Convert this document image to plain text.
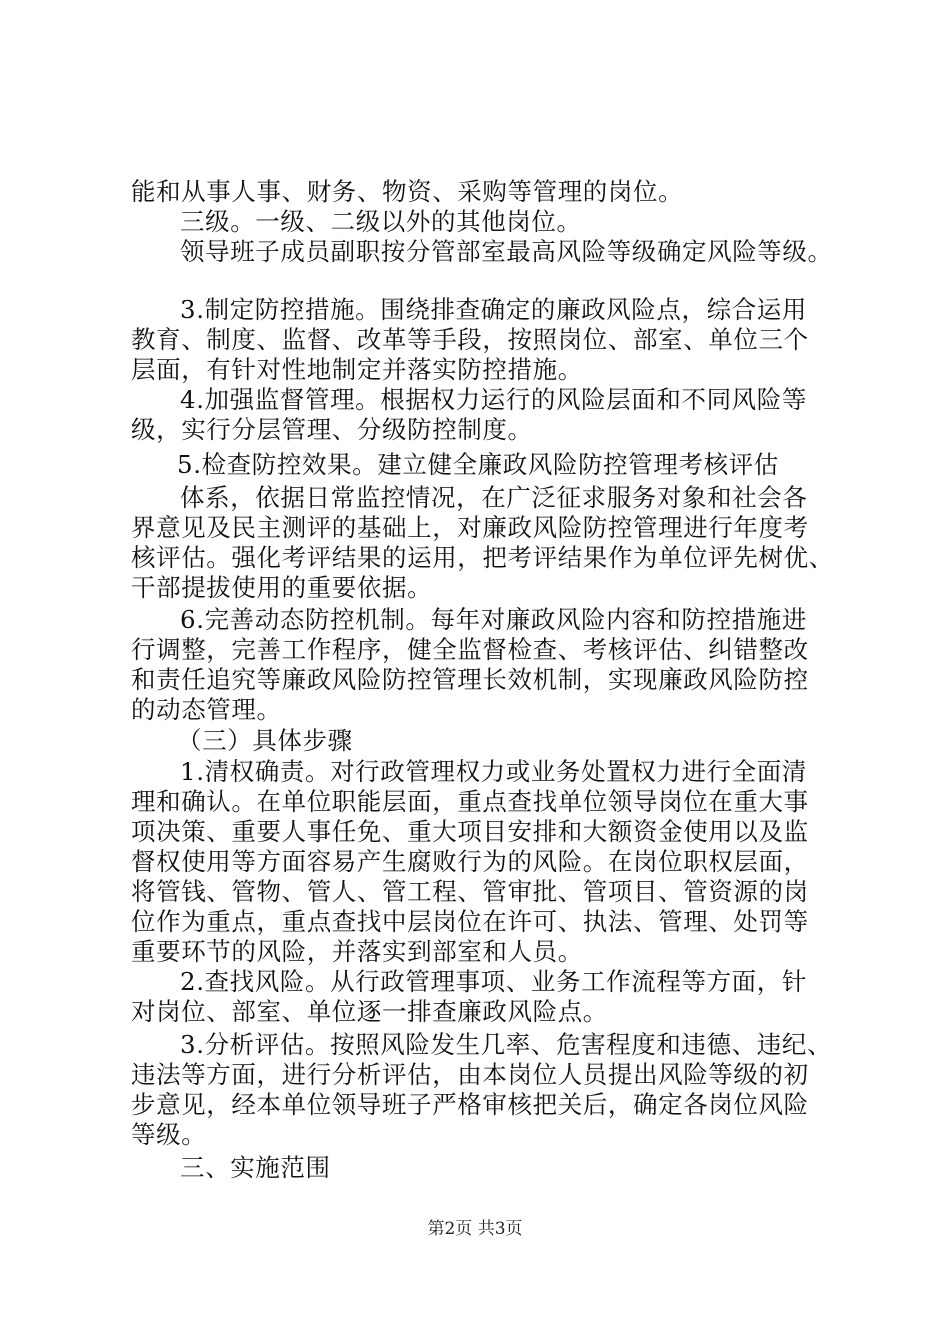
能和从事人事、财务、物资、采购等管理的岗位。
三级。一级、二级以外的其他岗位。
领导班子成员副职按分管部室最高风险等级确定风险等级。
3.制定防控措施。围绕排查确定的廉政风险点，综合运用
教育、制度、监督、改革等手段，按照岗位、部室、单位三个
层面，有针对性地制定并落实防控措施。
4.加强监督管理。根据权力运行的风险层面和不同风险等
级，实行分层管理、分级防控制度。
5.检查防控效果。建立健全廉政风险防控管理考核评估
体系，依据日常监控情况，在广泛征求服务对象和社会各
界意见及民主测评的基础上，对廉政风险防控管理进行年度考
核评估。强化考评结果的运用，把考评结果作为单位评先树优、
干部提拔使用的重要依据。
6.完善动态防控机制。每年对廉政风险内容和防控措施进
行调整，完善工作程序，健全监督检查、考核评估、纠错整改
和责任追究等廉政风险防控管理长效机制，实现廉政风险防控
的动态管理。
（三）具体步骤
1.清权确责。对行政管理权力或业务处置权力进行全面清
理和确认。在单位职能层面，重点查找单位领导岗位在重大事
项决策、重要人事任免、重大项目安排和大额资金使用以及监
督权使用等方面容易产生腐败行为的风险。在岗位职权层面，
将管钱、管物、管人、管工程、管审批、管项目、管资源的岗
位作为重点，重点查找中层岗位在许可、执法、管理、处罚等
重要环节的风险，并落实到部室和人员。
2.查找风险。从行政管理事项、业务工作流程等方面，针
对岗位、部室、单位逐一排查廉政风险点。
3.分析评估。按照风险发生几率、危害程度和违德、违纪、
违法等方面，进行分析评估，由本岗位人员提出风险等级的初
步意见，经本单位领导班子严格审核把关后，确定各岗位风险
等级。
三、实施范围
第2页 共3页
